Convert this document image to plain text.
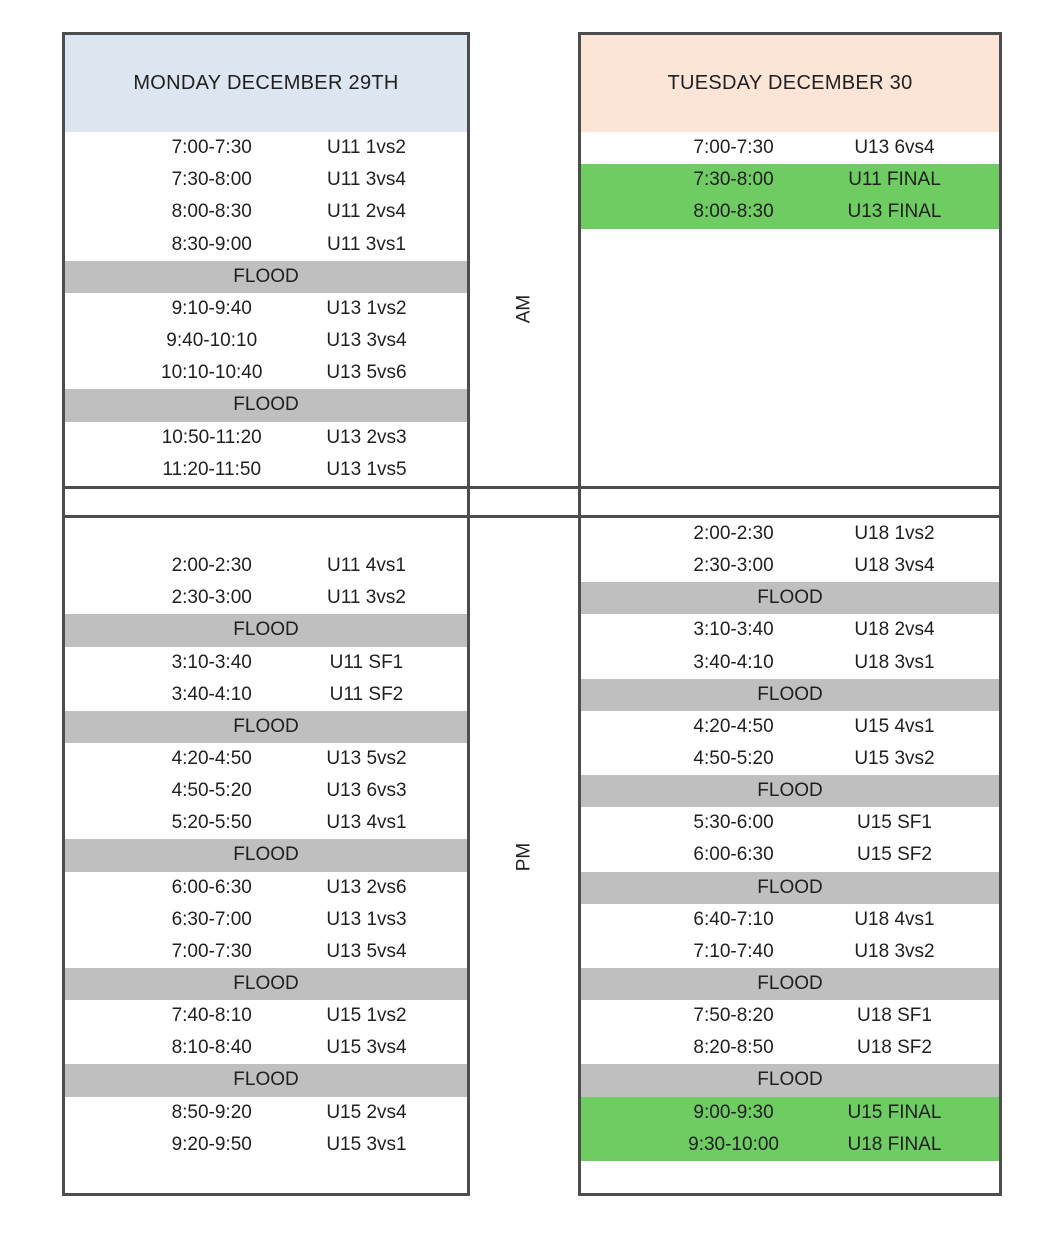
MONDAY DECEMBER 29TH
7:00-7:30	U11 1vs2
7:30-8:00	U11 3vs4
8:00-8:30	U11 2vs4
8:30-9:00	U11 3vs1
FLOOD
9:10-9:40	U13 1vs2
9:40-10:10	U13 3vs4
10:10-10:40	U13 5vs6
FLOOD
10:50-11:20	U13 2vs3
11:20-11:50	U13 1vs5
AM
TUESDAY DECEMBER 30
7:00-7:30	U13 6vs4
7:30-8:00	U11 FINAL
8:00-8:30	U13 FINAL
2:00-2:30	U11 4vs1
2:30-3:00	U11 3vs2
FLOOD
3:10-3:40	U11 SF1
3:40-4:10	U11 SF2
FLOOD
4:20-4:50	U13 5vs2
4:50-5:20	U13 6vs3
5:20-5:50	U13 4vs1
FLOOD
6:00-6:30	U13 2vs6
6:30-7:00	U13 1vs3
7:00-7:30	U13 5vs4
FLOOD
7:40-8:10	U15 1vs2
8:10-8:40	U15 3vs4
FLOOD
8:50-9:20	U15 2vs4
9:20-9:50	U15 3vs1
PM
2:00-2:30	U18 1vs2
2:30-3:00	U18 3vs4
FLOOD
3:10-3:40	U18 2vs4
3:40-4:10	U18 3vs1
FLOOD
4:20-4:50	U15 4vs1
4:50-5:20	U15 3vs2
FLOOD
5:30-6:00	U15 SF1
6:00-6:30	U15 SF2
FLOOD
6:40-7:10	U18 4vs1
7:10-7:40	U18 3vs2
FLOOD
7:50-8:20	U18 SF1
8:20-8:50	U18 SF2
FLOOD
9:00-9:30	U15 FINAL
9:30-10:00	U18 FINAL
